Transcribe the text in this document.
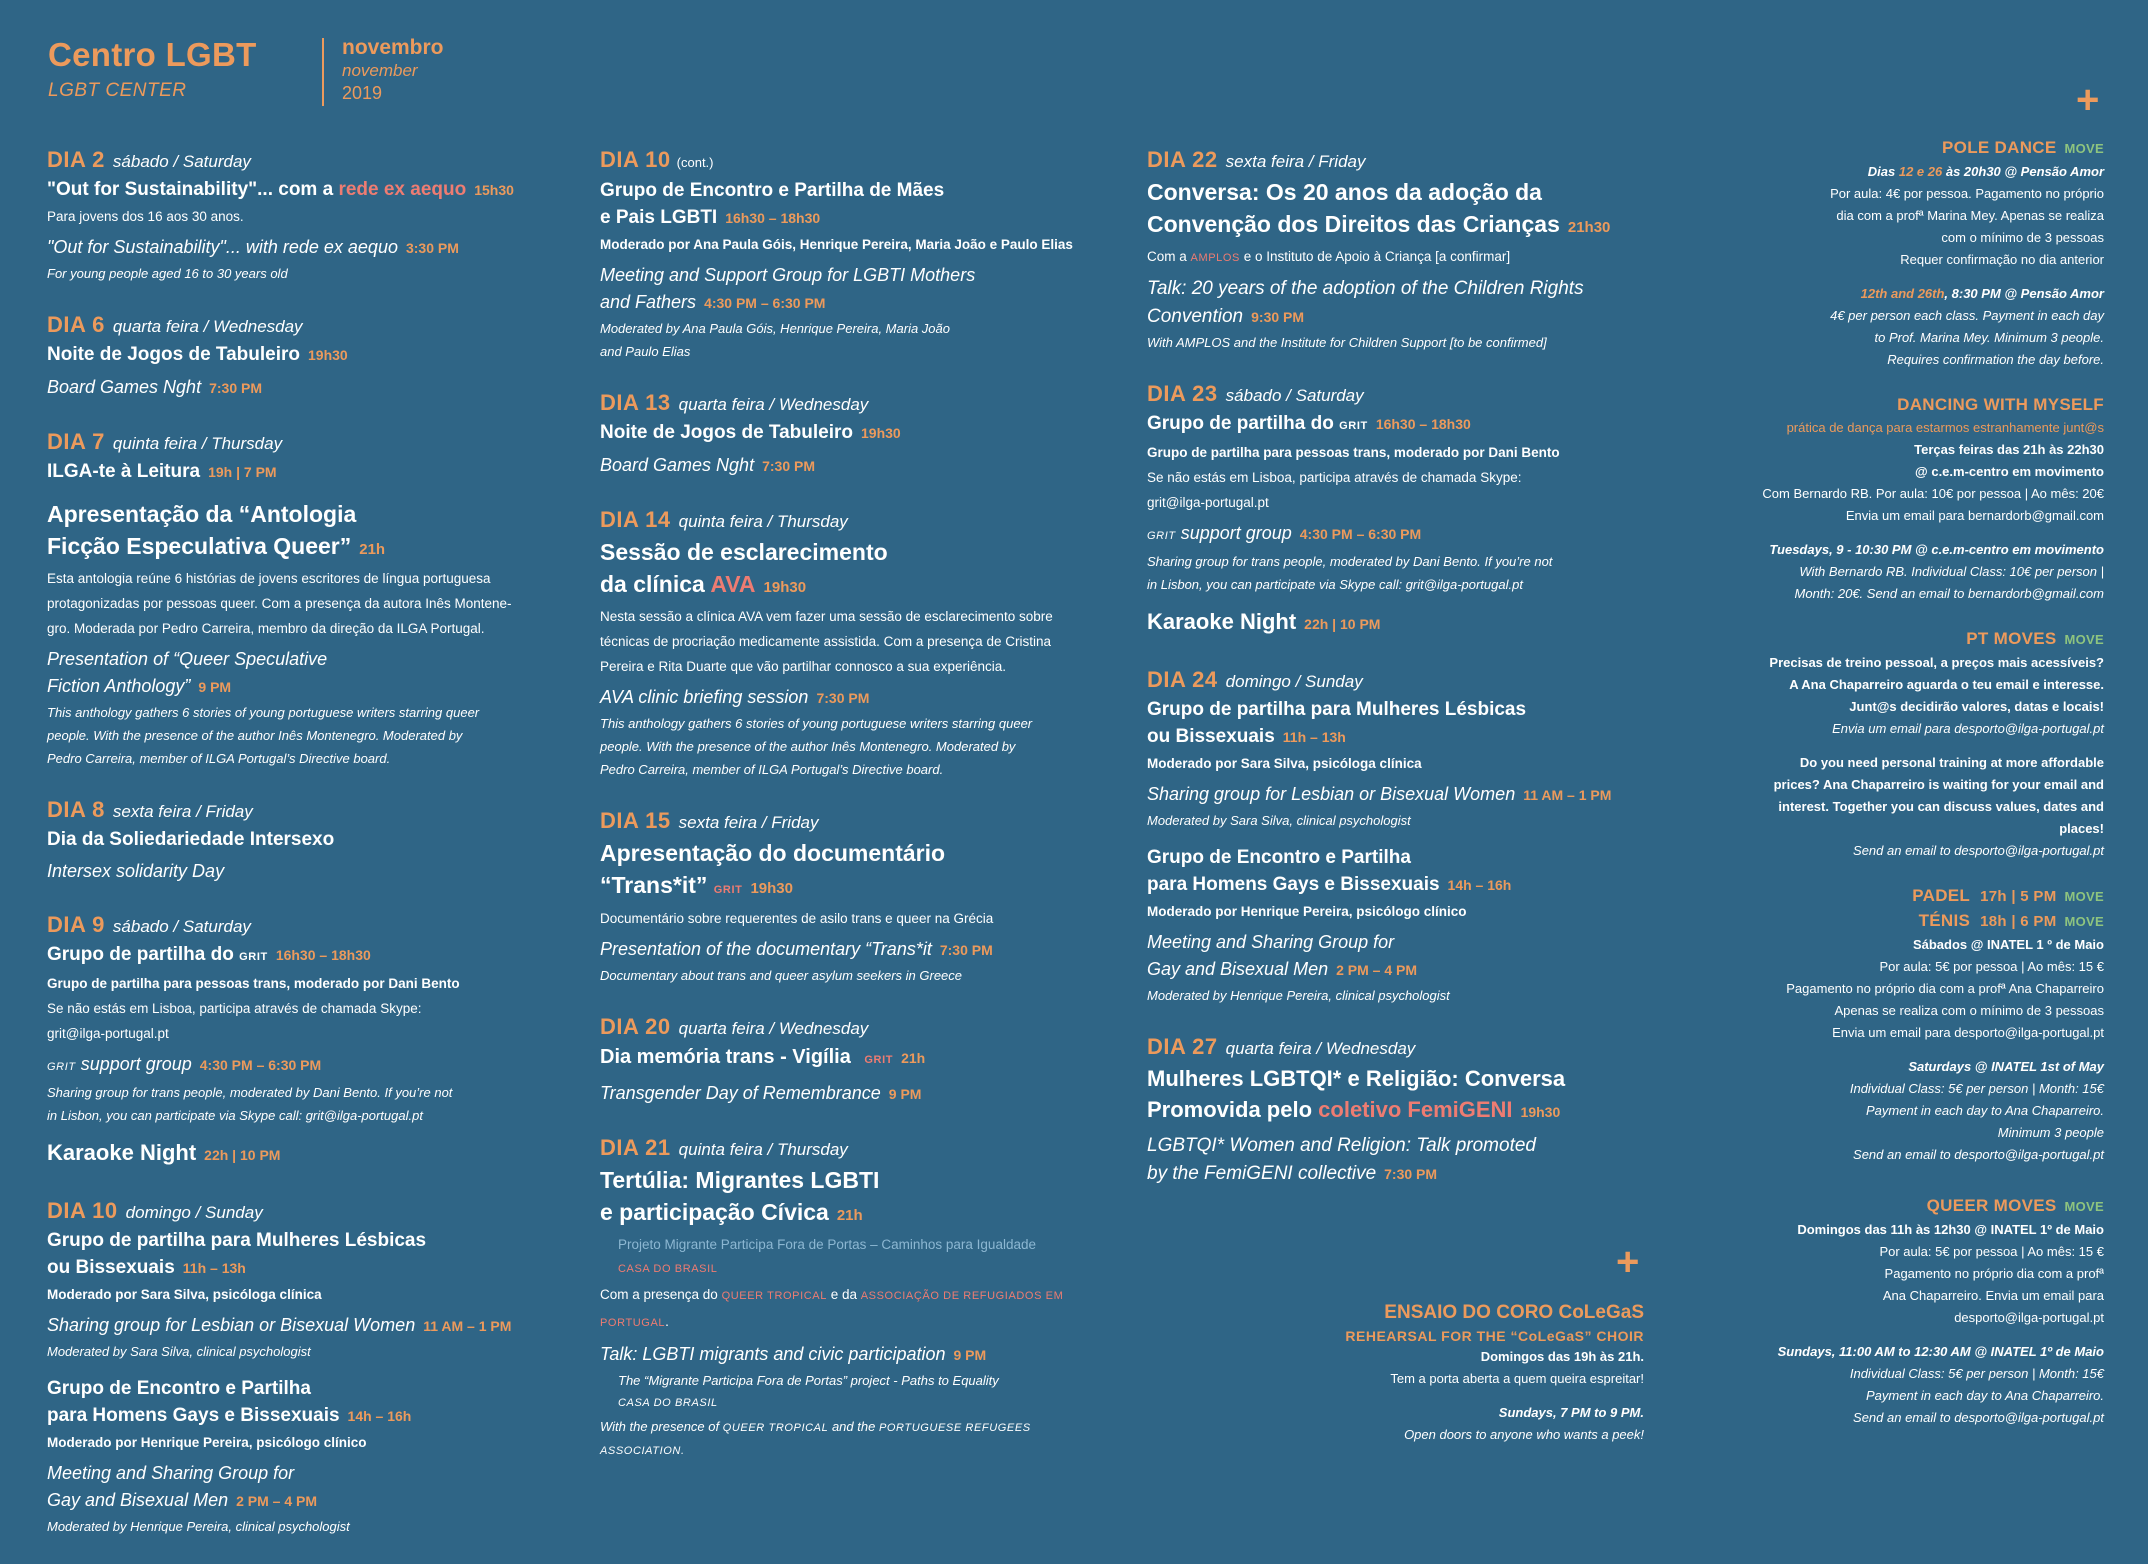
Centro LGBT
LGBT CENTER
novembro
november
2019	+
+
DIA 2 sábado / Saturday
"Out for Sustainability"... com a rede ex aequo 15h30
Para jovens dos 16 aos 30 anos.
"Out for Sustainability"... with rede ex aequo 3:30 PM
For young people aged 16 to 30 years old
DIA 6 quarta feira / Wednesday
Noite de Jogos de Tabuleiro 19h30
Board Games Nght 7:30 PM
DIA 7 quinta feira / Thursday
ILGA-te à Leitura 19h | 7 PM
Apresentação da “Antologia
Ficção Especulativa Queer” 21h
Esta antologia reúne 6 histórias de jovens escritores de língua portuguesa
protagonizadas por pessoas queer. Com a presença da autora Inês Montene-
gro. Moderada por Pedro Carreira, membro da direção da ILGA Portugal.
Presentation of “Queer Speculative
Fiction Anthology” 9 PM
This anthology gathers 6 stories of young portuguese writers starring queer
people. With the presence of the author Inês Montenegro. Moderated by
Pedro Carreira, member of ILGA Portugal’s Directive board.
DIA 8 sexta feira / Friday
Dia da Soliedariedade Intersexo
Intersex solidarity Day
DIA 9 sábado / Saturday
Grupo de partilha do GRIT 16h30 – 18h30
Grupo de partilha para pessoas trans, moderado por Dani Bento
Se não estás em Lisboa, participa através de chamada Skype:
grit@ilga-portugal.pt
GRIT support group 4:30 PM – 6:30 PM
Sharing group for trans people, moderated by Dani Bento. If you’re not
in Lisbon, you can participate via Skype call: grit@ilga-portugal.pt
Karaoke Night 22h | 10 PM
DIA 10 domingo / Sunday
Grupo de partilha para Mulheres Lésbicas
ou Bissexuais 11h – 13h
Moderado por Sara Silva, psicóloga clínica
Sharing group for Lesbian or Bisexual Women 11 AM – 1 PM
Moderated by Sara Silva, clinical psychologist
Grupo de Encontro e Partilha
para Homens Gays e Bissexuais 14h – 16h
Moderado por Henrique Pereira, psicólogo clínico
Meeting and Sharing Group for
Gay and Bisexual Men 2 PM – 4 PM
Moderated by Henrique Pereira, clinical psychologist
DIA 10 (cont.)
Grupo de Encontro e Partilha de Mães
e Pais LGBTI 16h30 – 18h30
Moderado por Ana Paula Góis, Henrique Pereira, Maria João e Paulo Elias
Meeting and Support Group for LGBTI Mothers
and Fathers 4:30 PM – 6:30 PM
Moderated by Ana Paula Góis, Henrique Pereira, Maria João
and Paulo Elias
DIA 13 quarta feira / Wednesday
Noite de Jogos de Tabuleiro 19h30
Board Games Nght 7:30 PM
DIA 14 quinta feira / Thursday
Sessão de esclarecimento
da clínica AVA 19h30
Nesta sessão a clínica AVA vem fazer uma sessão de esclarecimento sobre
técnicas de procriação medicamente assistida. Com a presença de Cristina
Pereira e Rita Duarte que vão partilhar connosco a sua experiência.
AVA clinic briefing session 7:30 PM
This anthology gathers 6 stories of young portuguese writers starring queer
people. With the presence of the author Inês Montenegro. Moderated by
Pedro Carreira, member of ILGA Portugal’s Directive board.
DIA 15 sexta feira / Friday
Apresentação do documentário
“Trans*it” GRIT 19h30
Documentário sobre requerentes de asilo trans e queer na Grécia
Presentation of the documentary “Trans*it 7:30 PM
Documentary about trans and queer asylum seekers in Greece
DIA 20 quarta feira / Wednesday
Dia memória trans - Vigília GRIT 21h
Transgender Day of Remembrance 9 PM
DIA 21 quinta feira / Thursday
Tertúlia: Migrantes LGBTI
e participação Cívica 21h
Projeto Migrante Participa Fora de Portas – Caminhos para Igualdade
CASA DO BRASIL
Com a presença do QUEER TROPICAL e da ASSOCIAÇÃO DE REFUGIADOS EM
PORTUGAL.
Talk: LGBTI migrants and civic participation 9 PM
The “Migrante Participa Fora de Portas” project - Paths to Equality
CASA DO BRASIL
With the presence of QUEER TROPICAL and the PORTUGUESE REFUGEES
ASSOCIATION.
DIA 22 sexta feira / Friday
Conversa: Os 20 anos da adoção da
Convenção dos Direitos das Crianças 21h30
Com a AMPLOS e o Instituto de Apoio à Criança [a confirmar]
Talk: 20 years of the adoption of the Children Rights
Convention 9:30 PM
With AMPLOS and the Institute for Children Support [to be confirmed]
DIA 23 sábado / Saturday
Grupo de partilha do GRIT 16h30 – 18h30
Grupo de partilha para pessoas trans, moderado por Dani Bento
Se não estás em Lisboa, participa através de chamada Skype:
grit@ilga-portugal.pt
GRIT support group 4:30 PM – 6:30 PM
Sharing group for trans people, moderated by Dani Bento. If you’re not
in Lisbon, you can participate via Skype call: grit@ilga-portugal.pt
Karaoke Night 22h | 10 PM
DIA 24 domingo / Sunday
Grupo de partilha para Mulheres Lésbicas
ou Bissexuais 11h – 13h
Moderado por Sara Silva, psicóloga clínica
Sharing group for Lesbian or Bisexual Women 11 AM – 1 PM
Moderated by Sara Silva, clinical psychologist
Grupo de Encontro e Partilha
para Homens Gays e Bissexuais 14h – 16h
Moderado por Henrique Pereira, psicólogo clínico
Meeting and Sharing Group for
Gay and Bisexual Men 2 PM – 4 PM
Moderated by Henrique Pereira, clinical psychologist
DIA 27 quarta feira / Wednesday
Mulheres LGBTQI* e Religião: Conversa
Promovida pelo coletivo FemiGENI 19h30
LGBTQI* Women and Religion: Talk promoted
by the FemiGENI collective 7:30 PM
ENSAIO DO CORO CoLeGaS
REHEARSAL FOR THE “CoLeGaS” CHOIR
Domingos das 19h às 21h.
Tem a porta aberta a quem queira espreitar!
Sundays, 7 PM to 9 PM.
Open doors to anyone who wants a peek!
POLE DANCE MOVE
Dias 12 e 26 às 20h30 @ Pensão Amor
Por aula: 4€ por pessoa. Pagamento no próprio
dia com a profª Marina Mey. Apenas se realiza
com o mínimo de 3 pessoas
Requer confirmação no dia anterior
12th and 26th, 8:30 PM @ Pensão Amor
4€ per person each class. Payment in each day
to Prof. Marina Mey. Minimum 3 people.
Requires confirmation the day before.
DANCING WITH MYSELF
prática de dança para estarmos estranhamente junt@s
Terças feiras das 21h às 22h30
@ c.e.m-centro em movimento
Com Bernardo RB. Por aula: 10€ por pessoa | Ao mês: 20€
Envia um email para bernardorb@gmail.com
Tuesdays, 9 - 10:30 PM @ c.e.m-centro em movimento
With Bernardo RB. Individual Class: 10€ per person |
Month: 20€. Send an email to bernardorb@gmail.com
PT MOVES MOVE
Precisas de treino pessoal, a preços mais acessíveis?
A Ana Chaparreiro aguarda o teu email e interesse.
Junt@s decidirão valores, datas e locais!
Envia um email para desporto@ilga-portugal.pt
Do you need personal training at more affordable
prices? Ana Chaparreiro is waiting for your email and
interest. Together you can discuss values, dates and
places!
Send an email to desporto@ilga-portugal.pt
PADEL 17h | 5 PM MOVE
TÉNIS 18h | 6 PM MOVE
Sábados @ INATEL 1 º de Maio
Por aula: 5€ por pessoa | Ao mês: 15 €
Pagamento no próprio dia com a profª Ana Chaparreiro
Apenas se realiza com o mínimo de 3 pessoas
Envia um email para desporto@ilga-portugal.pt
Saturdays @ INATEL 1st of May
Individual Class: 5€ per person | Month: 15€
Payment in each day to Ana Chaparreiro.
Minimum 3 people
Send an email to desporto@ilga-portugal.pt
QUEER MOVES MOVE
Domingos das 11h às 12h30 @ INATEL 1º de Maio
Por aula: 5€ por pessoa | Ao mês: 15 €
Pagamento no próprio dia com a profª
Ana Chaparreiro. Envia um email para
desporto@ilga-portugal.pt
Sundays, 11:00 AM to 12:30 AM @ INATEL 1º de Maio
Individual Class: 5€ per person | Month: 15€
Payment in each day to Ana Chaparreiro.
Send an email to desporto@ilga-portugal.pt
